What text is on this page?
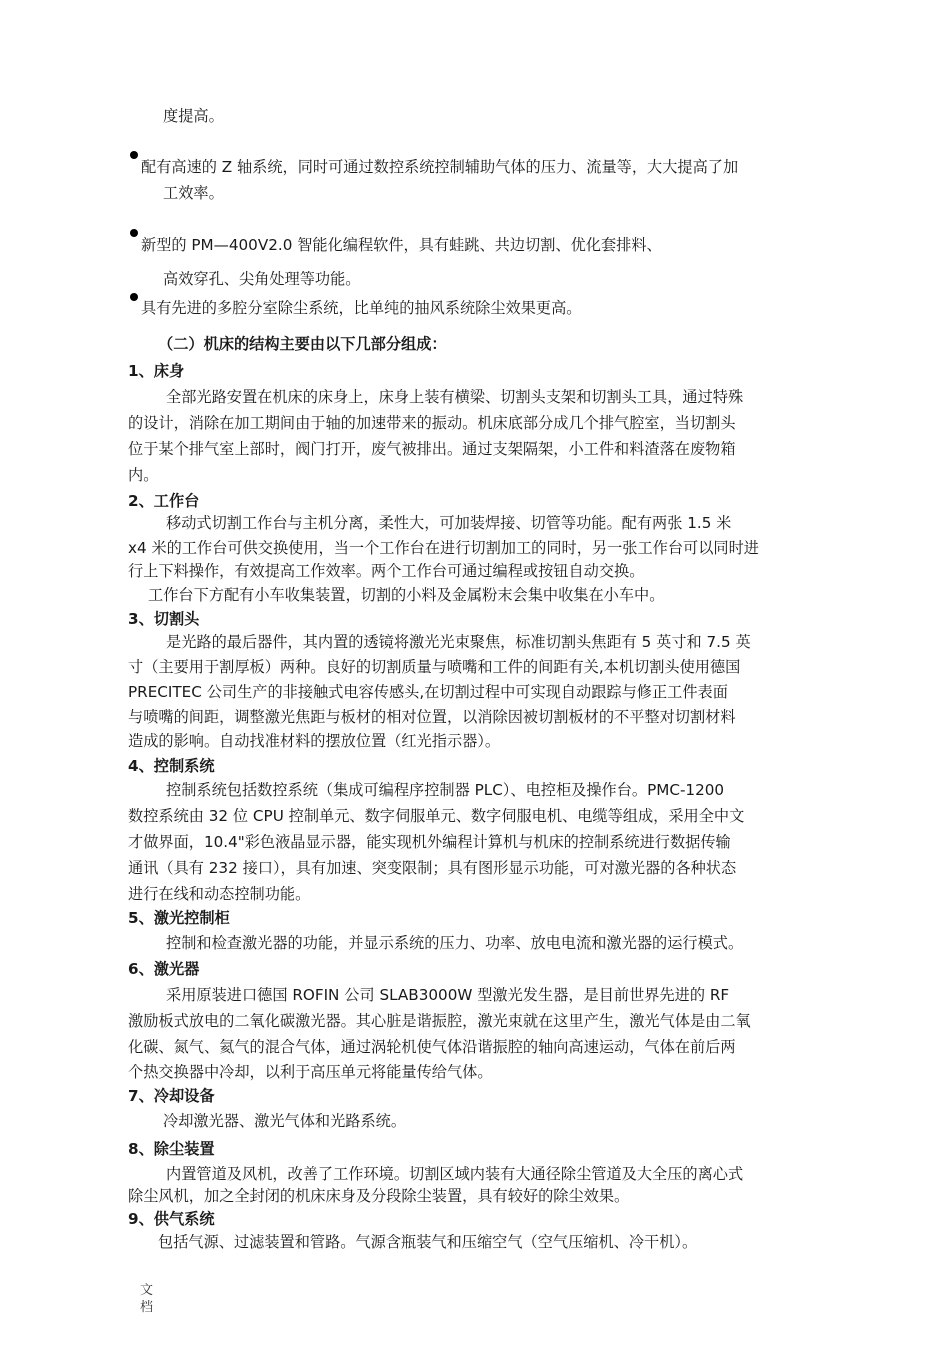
度提高。
配有高速的 Z 轴系统，同时可通过数控系统控制辅助气体的压力、流量等，大大提高了加
工效率。
新型的 PM—400V2.0 智能化编程软件，具有蛙跳、共边切割、优化套排料、
高效穿孔、尖角处理等功能。
具有先进的多腔分室除尘系统，比单纯的抽风系统除尘效果更高。
（二）机床的结构主要由以下几部分组成：
1、床身
全部光路安置在机床的床身上，床身上装有横梁、切割头支架和切割头工具，通过特殊
的设计，消除在加工期间由于轴的加速带来的振动。机床底部分成几个排气腔室，当切割头
位于某个排气室上部时，阀门打开，废气被排出。通过支架隔架，小工件和料渣落在废物箱
内。
2、工作台
移动式切割工作台与主机分离，柔性大，可加装焊接、切管等功能。配有两张 1.5 米
x4 米的工作台可供交换使用，当一个工作台在进行切割加工的同时，另一张工作台可以同时进
行上下料操作，有效提高工作效率。两个工作台可通过编程或按钮自动交换。
工作台下方配有小车收集装置，切割的小料及金属粉末会集中收集在小车中。
3、切割头
是光路的最后器件，其内置的透镜将激光光束聚焦，标准切割头焦距有 5 英寸和 7.5 英
寸（主要用于割厚板）两种。良好的切割质量与喷嘴和工件的间距有关,本机切割头使用德国
PRECITEC 公司生产的非接触式电容传感头,在切割过程中可实现自动跟踪与修正工件表面
与喷嘴的间距，调整激光焦距与板材的相对位置，以消除因被切割板材的不平整对切割材料
造成的影响。自动找准材料的摆放位置（红光指示器）。
4、控制系统
控制系统包括数控系统（集成可编程序控制器 PLC）、电控柜及操作台。PMC-1200
数控系统由 32 位 CPU 控制单元、数字伺服单元、数字伺服电机、电缆等组成，采用全中文
才做界面，10.4"彩色液晶显示器，能实现机外编程计算机与机床的控制系统进行数据传输
通讯（具有 232 接口），具有加速、突变限制；具有图形显示功能，可对激光器的各种状态
进行在线和动态控制功能。
5、激光控制柜
控制和检查激光器的功能，并显示系统的压力、功率、放电电流和激光器的运行模式。
6、激光器
采用原装进口德国 ROFIN 公司 SLAB3000W 型激光发生器，是目前世界先进的 RF
激励板式放电的二氧化碳激光器。其心脏是谐振腔，激光束就在这里产生，激光气体是由二氧
化碳、氮气、氦气的混合气体，通过涡轮机使气体沿谐振腔的轴向高速运动，气体在前后两
个热交换器中冷却，以利于高压单元将能量传给气体。
7、冷却设备
冷却激光器、激光气体和光路系统。
8、除尘装置
内置管道及风机，改善了工作环境。切割区域内装有大通径除尘管道及大全压的离心式
除尘风机，加之全封闭的机床床身及分段除尘装置，具有较好的除尘效果。
9、供气系统
包括气源、过滤装置和管路。气源含瓶装气和压缩空气（空气压缩机、冷干机）。
文
档
